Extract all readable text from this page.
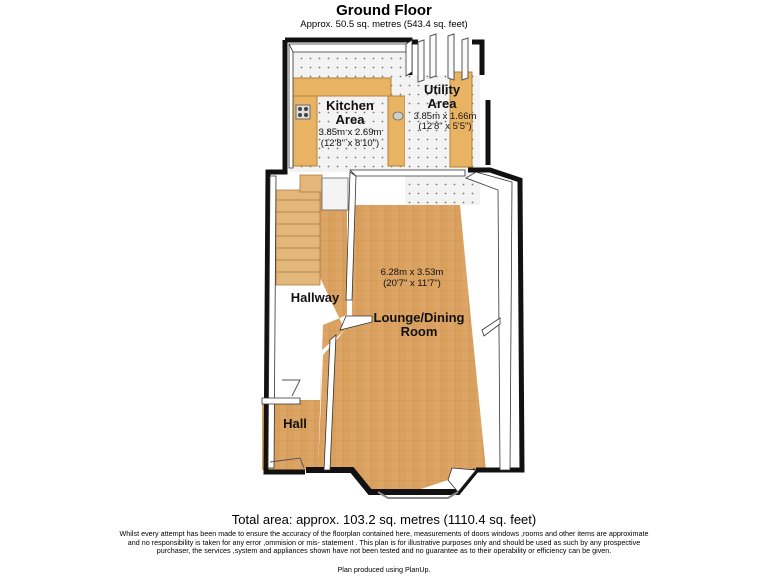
Ground Floor
Approx. 50.5 sq. metres (543.4 sq. feet)
Kitchen
Area
3.85m x 2.69m
(12'8" x 8'10")
Utility
Area
3.85m x 1.66m
(12'8" x 5'5")
6.28m x 3.53m
(20'7" x 11'7")
Lounge/Dining
Room
Hallway
Hall
Total area: approx. 103.2 sq. metres (1110.4 sq. feet)
Whilst every attempt has been made to ensure the accuracy of the floorplan contained here, measurements of doors windows ,rooms and other items are approximate and no responsibility is taken for any error ,ommision or mis- statement . This plan is for illustrative purposes only and should be used as such by any prospective purchaser, the services ,system and appliances shown have not been tested and no guarantee as to their operability or efficiency can be given.
Plan produced using PlanUp.
